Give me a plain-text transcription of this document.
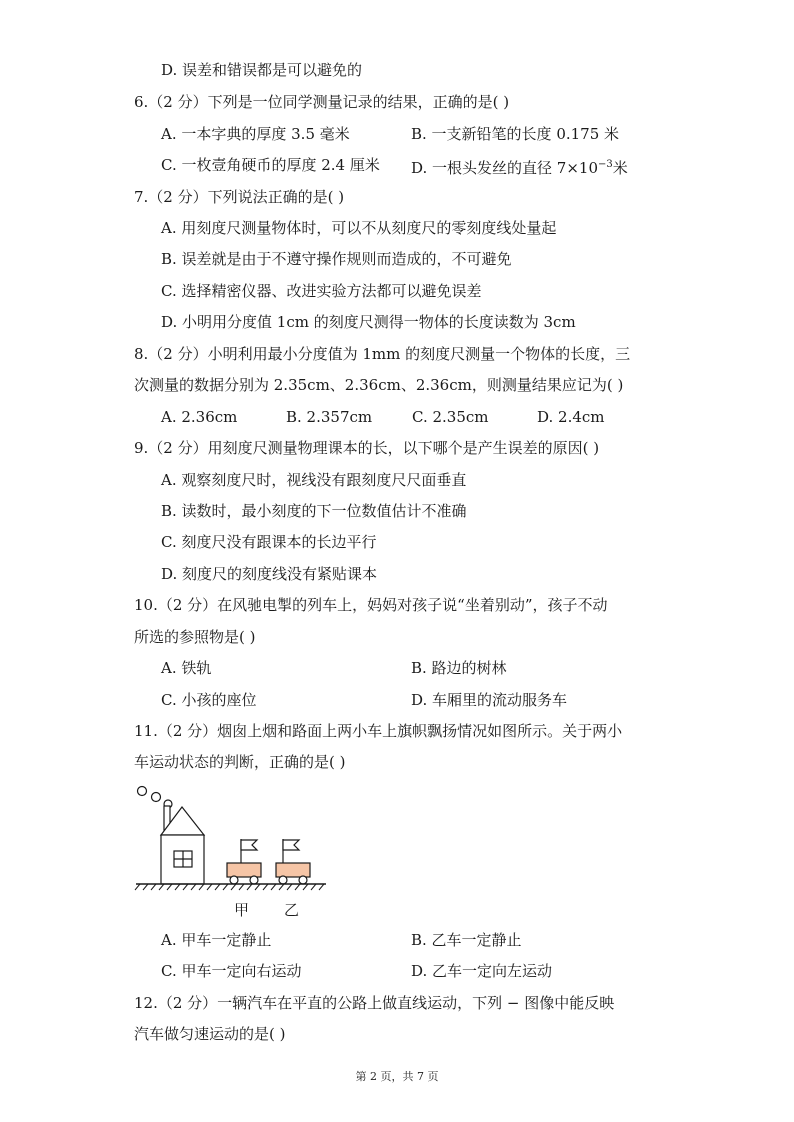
D. 误差和错误都是可以避免的
6.（2 分）下列是一位同学测量记录的结果，正确的是( )
A. 一本字典的厚度 3.5 毫米	B. 一支新铅笔的长度 0.175 米
C. 一枚壹角硬币的厚度 2.4 厘米 D. 一根头发丝的直径 $7\times 10^{-3}$米
7.（2 分）下列说法正确的是( )
A. 用刻度尺测量物体时，可以不从刻度尺的零刻度线处量起
B. 误差就是由于不遵守操作规则而造成的，不可避免
C. 选择精密仪器、改进实验方法都可以避免误差
D. 小明用分度值 1cm 的刻度尺测得一物体的长度读数为 3cm
8.（2 分）小明利用最小分度值为 1mm 的刻度尺测量一个物体的长度，三
次测量的数据分别为 2.35cm、2.36cm、2.36cm，则测量结果应记为( )
A. 2.36cm	B. 2.357cm	C. 2.35cm	D. 2.4cm
9.（2 分）用刻度尺测量物理课本的长，以下哪个是产生误差的原因( )
A. 观察刻度尺时，视线没有跟刻度尺尺面垂直
B. 读数时，最小刻度的下一位数值估计不准确
C. 刻度尺没有跟课本的长边平行
D. 刻度尺的刻度线没有紧贴课本
10.（2 分）在风驰电掣的列车上，妈妈对孩子说“坐着别动”，孩子不动
所选的参照物是( )
A. 铁轨	B. 路边的树林
C. 小孩的座位	D. 车厢里的流动服务车
11.（2 分）烟囱上烟和路面上两小车上旗帜飘扬情况如图所示。关于两小
车运动状态的判断，正确的是( )
甲 乙
A. 甲车一定静止	B. 乙车一定静止
C. 甲车一定向右运动	D. 乙车一定向左运动
12.（2 分）一辆汽车在平直的公路上做直线运动，下列 − 图像中能反映
汽车做匀速运动的是( )
第 2 页，共 7 页
